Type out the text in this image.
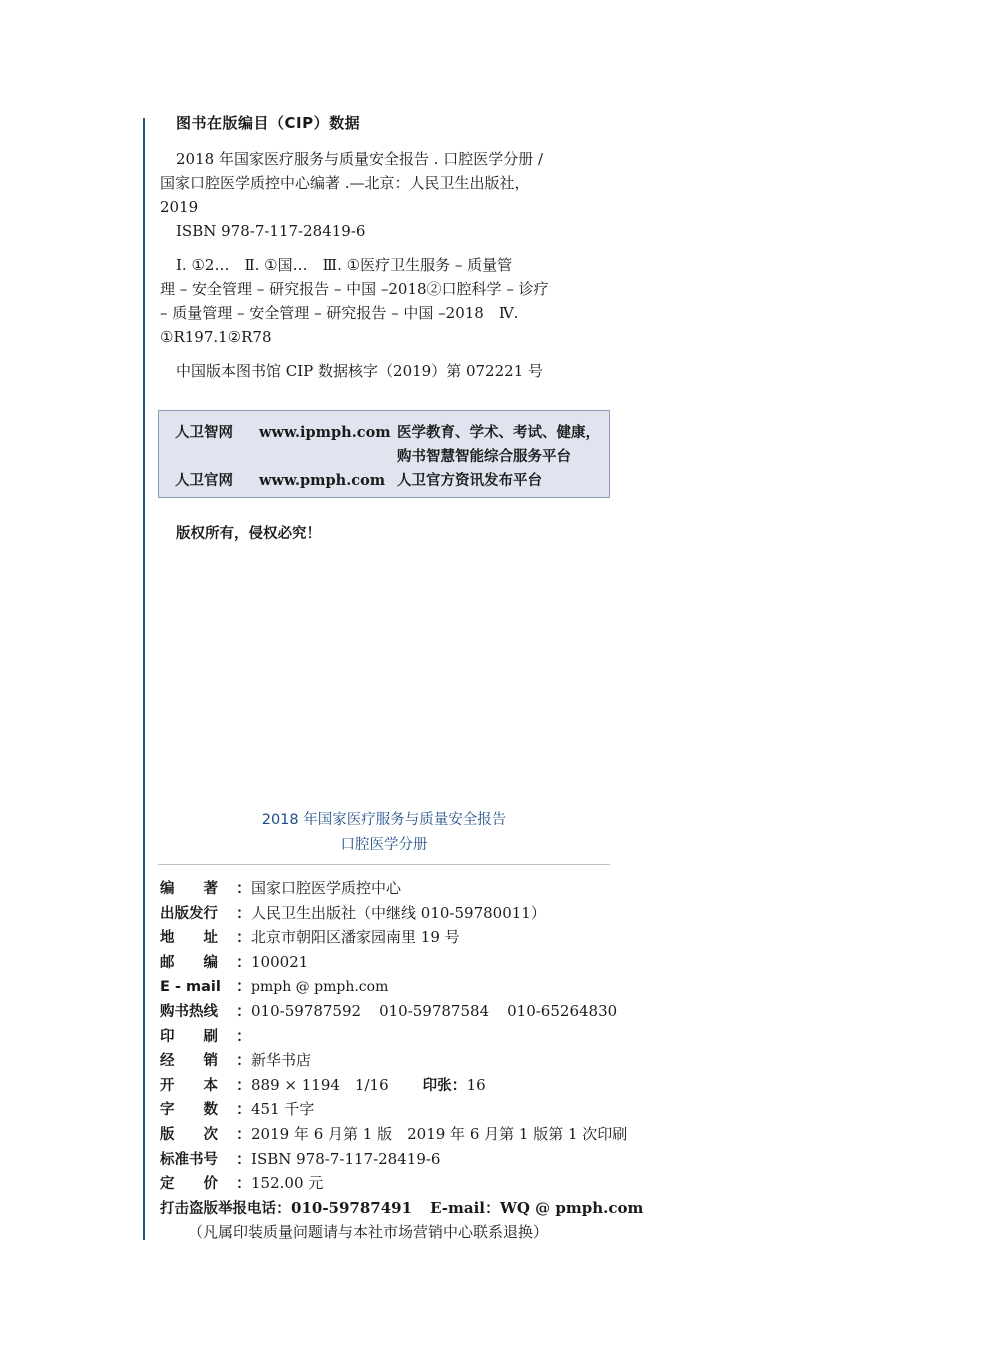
图书在版编目（CIP）数据
2018 年国家医疗服务与质量安全报告 . 口腔医学分册 /
国家口腔医学质控中心编著 .—北京：人民卫生出版社，
2019
ISBN 978-7-117-28419-6
Ⅰ. ①2…　Ⅱ. ①国…　Ⅲ. ①医疗卫生服务 – 质量管
理 – 安全管理 – 研究报告 – 中国 –2018②口腔科学 – 诊疗
– 质量管理 – 安全管理 – 研究报告 – 中国 –2018　Ⅳ.
①R197.1②R78
中国版本图书馆 CIP 数据核字（2019）第 072221 号
人卫智网 www.ipmph.com 医学教育、学术、考试、健康，
购书智慧智能综合服务平台
人卫官网 www.pmph.com 人卫官方资讯发布平台
版权所有，侵权必究！
2018 年国家医疗服务与质量安全报告
口腔医学分册
编　　著 ：国家口腔医学质控中心
出版发行 ：人民卫生出版社（中继线 010-59780011）
地　　址 ：北京市朝阳区潘家园南里 19 号
邮　　编 ：100021
E - mail ：pmph @ pmph.com
购书热线 ：010-59787592 010-59787584 010-65264830
印　　刷 ：
经　　销 ：新华书店
开　　本 ：889 × 1194　1/16 印张：16
字　　数 ：451 千字
版　　次 ：2019 年 6 月第 1 版　2019 年 6 月第 1 版第 1 次印刷
标准书号 ：ISBN 978-7-117-28419-6
定　　价 ：152.00 元
打击盗版举报电话：010-59787491 E-mail：WQ @ pmph.com
（凡属印装质量问题请与本社市场营销中心联系退换）
